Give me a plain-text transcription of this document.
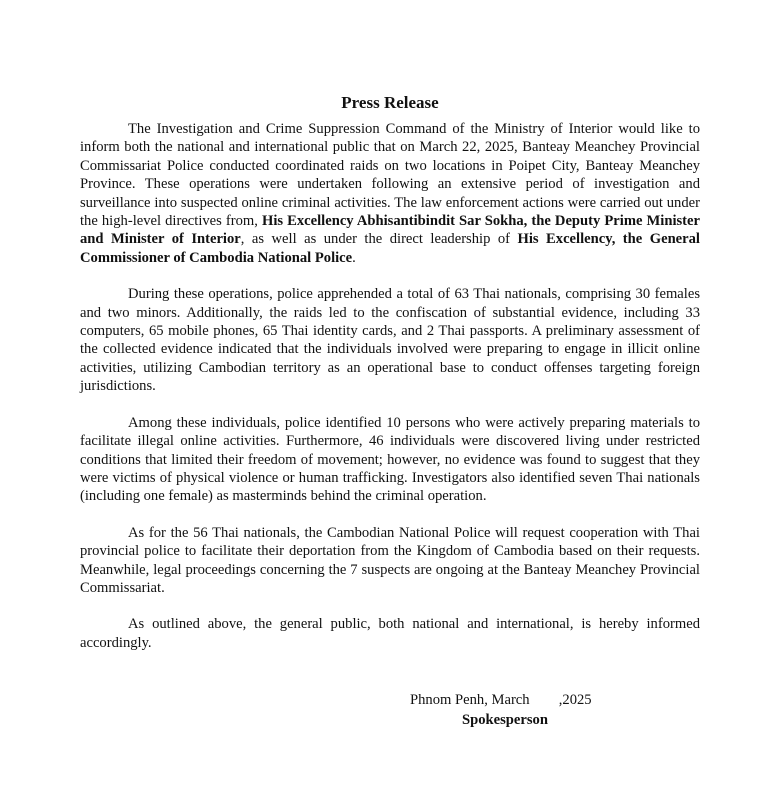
Press Release

The Investigation and Crime Suppression Command of the Ministry of Interior would like to inform both the national and international public that on March 22, 2025, Banteay Meanchey Provincial Commissariat Police conducted coordinated raids on two locations in Poipet City, Banteay Meanchey Province. These operations were undertaken following an extensive period of investigation and surveillance into suspected online criminal activities. The law enforcement actions were carried out under the high-level directives from, His Excellency Abhisantibindit Sar Sokha, the Deputy Prime Minister and Minister of Interior, as well as under the direct leadership of His Excellency, the General Commissioner of Cambodia National Police.

During these operations, police apprehended a total of 63 Thai nationals, comprising 30 females and two minors. Additionally, the raids led to the confiscation of substantial evidence, including 33 computers, 65 mobile phones, 65 Thai identity cards, and 2 Thai passports. A preliminary assessment of the collected evidence indicated that the individuals involved were preparing to engage in illicit online activities, utilizing Cambodian territory as an operational base to conduct offenses targeting foreign jurisdictions.

Among these individuals, police identified 10 persons who were actively preparing materials to facilitate illegal online activities. Furthermore, 46 individuals were discovered living under restricted conditions that limited their freedom of movement; however, no evidence was found to suggest that they were victims of physical violence or human trafficking. Investigators also identified seven Thai nationals (including one female) as masterminds behind the criminal operation.

As for the 56 Thai nationals, the Cambodian National Police will request cooperation with Thai provincial police to facilitate their deportation from the Kingdom of Cambodia based on their requests. Meanwhile, legal proceedings concerning the 7 suspects are ongoing at the Banteay Meanchey Provincial Commissariat.

As outlined above, the general public, both national and international, is hereby informed accordingly.

Phnom Penh, March        ,2025
Spokesperson
